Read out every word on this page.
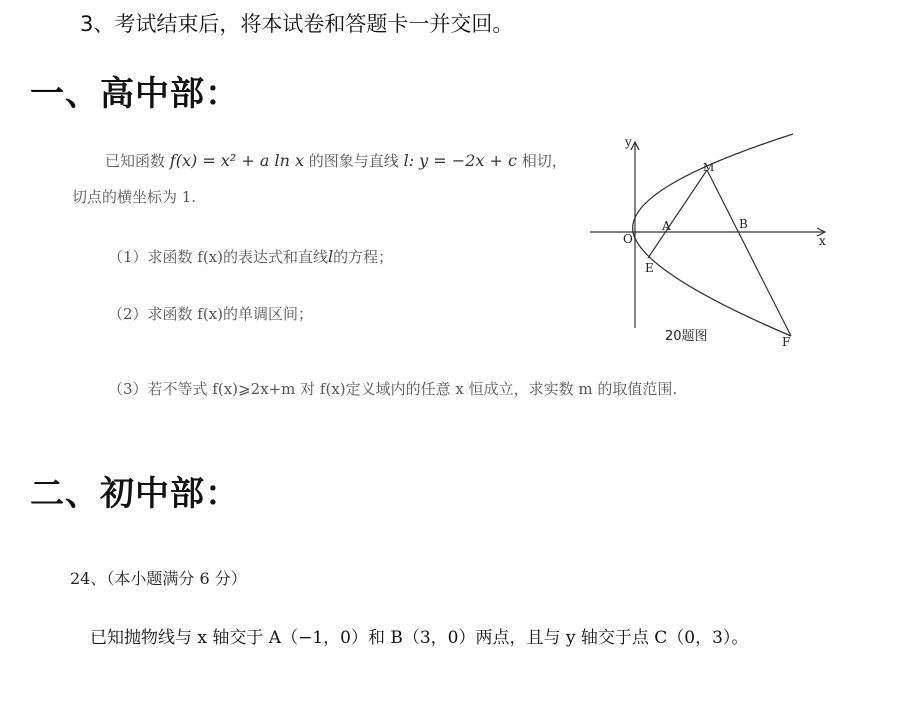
3、考试结束后，将本试卷和答题卡一并交回。
一、高中部：
已知函数 f(x) = x² + a ln x 的图象与直线 l: y = −2x + c 相切，
切点的横坐标为 1.
（1）求函数 f(x)的表达式和直线l的方程；
（2）求函数 f(x)的单调区间；
（3）若不等式 f(x)⩾2x+m 对 f(x)定义域内的任意 x 恒成立，求实数 m 的取值范围.
y
x
O
A	B
M
E
F
20题图
二、初中部：
24、（本小题满分 6 分）
已知抛物线与 x 轴交于 A（−1，0）和 B（3，0）两点，且与 y 轴交于点 C（0，3）。
